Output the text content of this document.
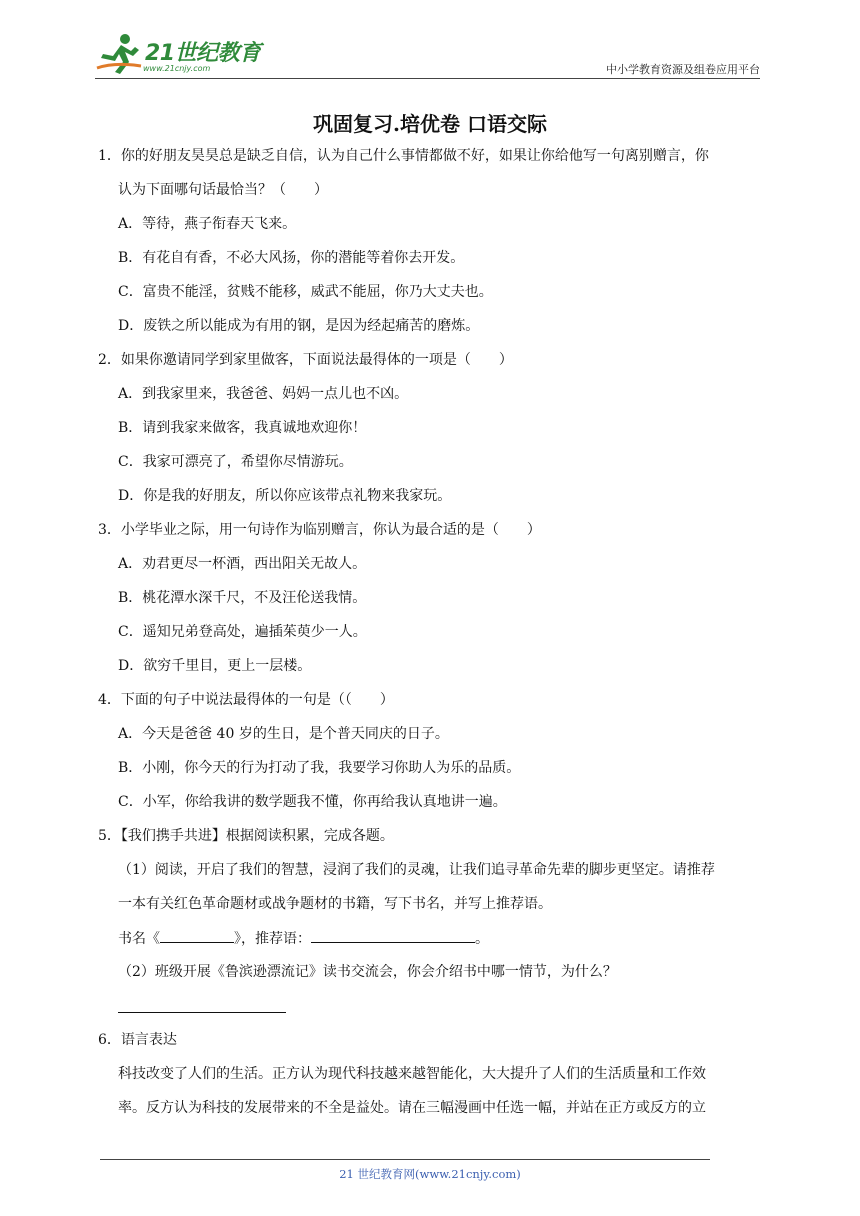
21世纪教育
www.21cnjy.com	中小学教育资源及组卷应用平台
巩固复习.培优卷 口语交际
1．你的好朋友昊昊总是缺乏自信，认为自己什么事情都做不好，如果让你给他写一句离别赠言，你
认为下面哪句话最恰当？（　　）
A．等待，燕子衔春天飞来。
B．有花自有香，不必大风扬，你的潜能等着你去开发。
C．富贵不能淫，贫贱不能移，威武不能屈，你乃大丈夫也。
D．废铁之所以能成为有用的钢，是因为经起痛苦的磨炼。
2．如果你邀请同学到家里做客，下面说法最得体的一项是（　　）
A．到我家里来，我爸爸、妈妈一点儿也不凶。
B．请到我家来做客，我真诚地欢迎你！
C．我家可漂亮了，希望你尽情游玩。
D．你是我的好朋友，所以你应该带点礼物来我家玩。
3．小学毕业之际，用一句诗作为临别赠言，你认为最合适的是（　　）
A．劝君更尽一杯酒，西出阳关无故人。
B．桃花潭水深千尺，不及汪伦送我情。
C．遥知兄弟登高处，遍插茱萸少一人。
D．欲穷千里目，更上一层楼。
4．下面的句子中说法最得体的一句是（（　　）
A．今天是爸爸 40 岁的生日，是个普天同庆的日子。
B．小刚，你今天的行为打动了我，我要学习你助人为乐的品质。
C．小军，你给我讲的数学题我不懂，你再给我认真地讲一遍。
5．【我们携手共进】根据阅读积累，完成各题。
（1）阅读，开启了我们的智慧，浸润了我们的灵魂，让我们追寻革命先辈的脚步更坚定。请推荐
一本有关红色革命题材或战争题材的书籍，写下书名，并写上推荐语。
书名《	》，推荐语：	。
（2）班级开展《鲁滨逊漂流记》读书交流会，你会介绍书中哪一情节，为什么？
6．语言表达
科技改变了人们的生活。正方认为现代科技越来越智能化，大大提升了人们的生活质量和工作效
率。反方认为科技的发展带来的不全是益处。请在三幅漫画中任选一幅，并站在正方或反方的立
21 世纪教育网(www.21cnjy.com)
